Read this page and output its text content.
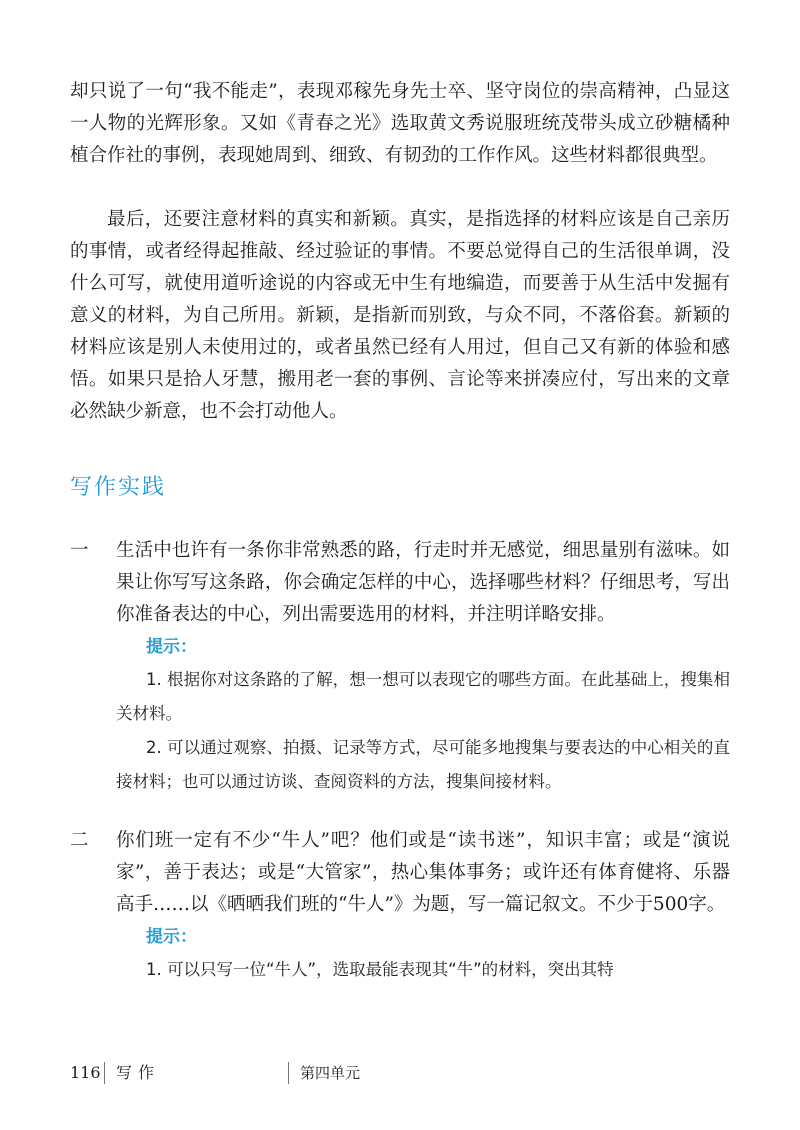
却只说了一句“我不能走”，表现邓稼先身先士卒、坚守岗位的崇高精神，凸显这一人物的光辉形象。又如《青春之光》选取黄文秀说服班统茂带头成立砂糖橘种植合作社的事例，表现她周到、细致、有韧劲的工作作风。这些材料都很典型。

最后，还要注意材料的真实和新颖。真实，是指选择的材料应该是自己亲历的事情，或者经得起推敲、经过验证的事情。不要总觉得自己的生活很单调，没什么可写，就使用道听途说的内容或无中生有地编造，而要善于从生活中发掘有意义的材料，为自己所用。新颖，是指新而别致，与众不同，不落俗套。新颖的材料应该是别人未使用过的，或者虽然已经有人用过，但自己又有新的体验和感悟。如果只是拾人牙慧，搬用老一套的事例、言论等来拼凑应付，写出来的文章必然缺少新意，也不会打动他人。

写作实践
一	生活中也许有一条你非常熟悉的路，行走时并无感觉，细思量别有滋味。如果让你写写这条路，你会确定怎样的中心，选择哪些材料？仔细思考，写出你准备表达的中心，列出需要选用的材料，并注明详略安排。
提示：
1. 根据你对这条路的了解，想一想可以表现它的哪些方面。在此基础上，搜集相关材料。
2. 可以通过观察、拍摄、记录等方式，尽可能多地搜集与要表达的中心相关的直接材料；也可以通过访谈、查阅资料的方法，搜集间接材料。
二	你们班一定有不少“牛人”吧？他们或是“读书迷”，知识丰富；或是“演说家”，善于表达；或是“大管家”，热心集体事务；或许还有体育健将、乐器高手……以《晒晒我们班的“牛人”》为题，写一篇记叙文。不少于500字。
提示：
1. 可以只写一位“牛人”，选取最能表现其“牛”的材料，突出其特
116 写作	第四单元
